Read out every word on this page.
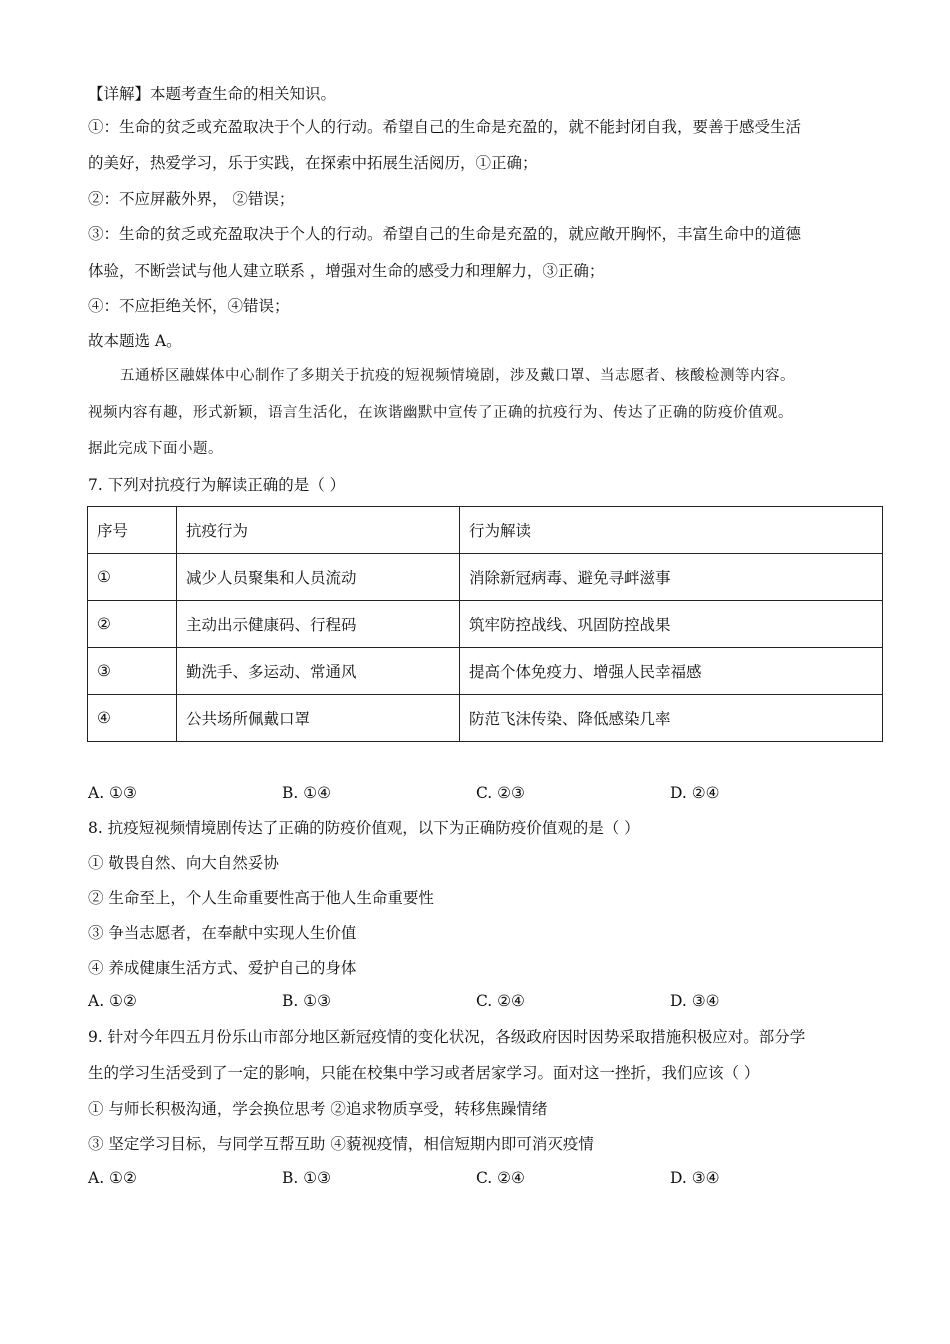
【详解】本题考查生命的相关知识。
①：生命的贫乏或充盈取决于个人的行动。希望自己的生命是充盈的，就不能封闭自我，要善于感受生活
的美好，热爱学习，乐于实践，在探索中拓展生活阅历，①正确；
②：不应屏蔽外界， ②错误；
③：生命的贫乏或充盈取决于个人的行动。希望自己的生命是充盈的，就应敞开胸怀，丰富生命中的道德
体验，不断尝试与他人建立联系 ，增强对生命的感受力和理解力，③正确；
④：不应拒绝关怀，④错误；
故本题选 A。
五通桥区融媒体中心制作了多期关于抗疫的短视频情境剧，涉及戴口罩、当志愿者、核酸检测等内容。
视频内容有趣，形式新颖，语言生活化，在诙谐幽默中宣传了正确的抗疫行为、传达了正确的防疫价值观。
据此完成下面小题。
7. 下列对抗疫行为解读正确的是（ ）
序号	抗疫行为	行为解读
①	减少人员聚集和人员流动	消除新冠病毒、避免寻衅滋事
②	主动出示健康码、行程码	筑牢防控战线、巩固防控战果
③	勤洗手、多运动、常通风	提高个体免疫力、增强人民幸福感
④	公共场所佩戴口罩	防范飞沫传染、降低感染几率
A. ①③	B. ①④	C. ②③	D. ②④
8. 抗疫短视频情境剧传达了正确的防疫价值观，以下为正确防疫价值观的是（ ）
① 敬畏自然、向大自然妥协
② 生命至上，个人生命重要性高于他人生命重要性
③ 争当志愿者，在奉献中实现人生价值
④ 养成健康生活方式、爱护自己的身体
A. ①②	B. ①③	C. ②④	D. ③④
9. 针对今年四五月份乐山市部分地区新冠疫情的变化状况，各级政府因时因势采取措施积极应对。部分学
生的学习生活受到了一定的影响，只能在校集中学习或者居家学习。面对这一挫折，我们应该（ ）
① 与师长积极沟通，学会换位思考 ②追求物质享受，转移焦躁情绪
③ 坚定学习目标，与同学互帮互助 ④藐视疫情，相信短期内即可消灭疫情
A. ①②	B. ①③	C. ②④	D. ③④
